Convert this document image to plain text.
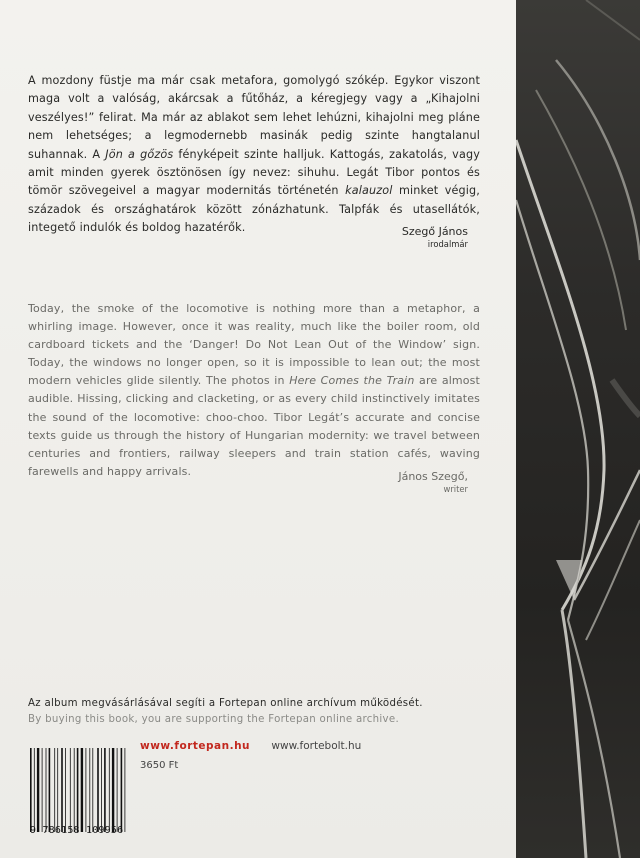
A mozdony füstje ma már csak metafora, gomolygó szókép. Egykor viszont maga volt a valóság, akárcsak a fűtőház, a kéregjegy vagy a „Kihajolni veszélyes!” felirat. Ma már az ablakot sem lehet lehúzni, kihajolni meg pláne nem lehetséges; a legmodernebb masinák pedig szinte hangtalanul suhannak. A Jön a gőzös fényképeit szinte halljuk. Kattogás, zakatolás, vagy amit minden gyerek ösztönösen így nevez: sihuhu. Legát Tibor pontos és tömör szövegeivel a magyar modernitás történetén kalauzol minket végig, századok és országhatárok között zónázhatunk. Talpfák és utasellátók, integető indulók és boldog hazatérők.	Szegő János
irodalmár

Today, the smoke of the locomotive is nothing more than a metaphor, a whirling image. However, once it was reality, much like the boiler room, old cardboard tickets and the ‘Danger! Do Not Lean Out of the Window’ sign. Today, the windows no longer open, so it is impossible to lean out; the most modern vehicles glide silently. The photos in Here Comes the Train are almost audible. Hissing, clicking and clacketing, or as every child instinctively imitates the sound of the locomotive: choo-choo. Tibor Legát’s accurate and concise texts guide us through the history of Hungarian modernity: we travel between centuries and frontiers, railway sleepers and train station cafés, waving farewells and happy arrivals.	János Szegő,
writer
Az album megvásárlásával segíti a Fortepan online archívum működését.
By buying this book, you are supporting the Fortepan online archive.
9 786158 109956
www.fortepan.hu www.fortebolt.hu
3650 Ft
